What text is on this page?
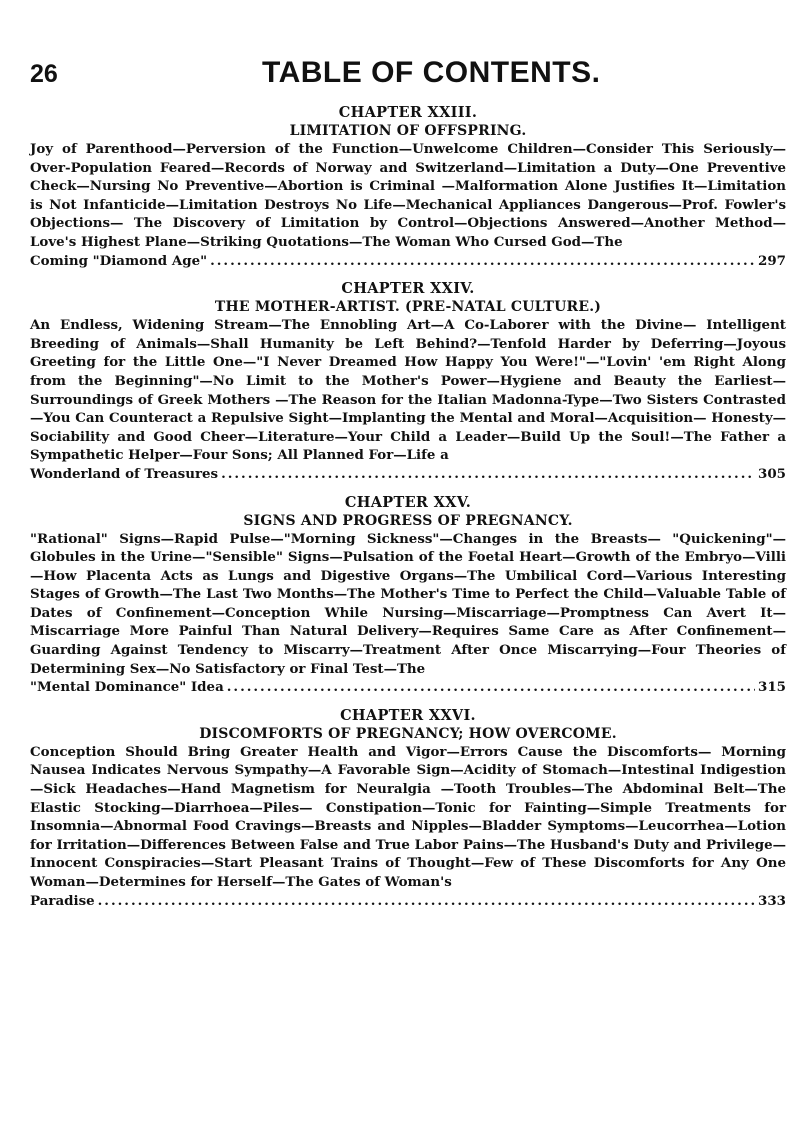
26	TABLE OF CONTENTS.
CHAPTER XXIII.
LIMITATION OF OFFSPRING.

Joy of Parenthood—Perversion of the Function—Unwelcome Children—Consider This Seriously—Over-Population Feared—Records of Norway and Switzerland—Limitation a Duty—One Preventive Check—Nursing No Preventive—Abortion is Criminal —Malformation Alone Justifies It—Limitation is Not Infanticide—Limitation Destroys No Life—Mechanical Appliances Dangerous—Prof. Fowler's Objections— The Discovery of Limitation by Control—Objections Answered—Another Method— Love's Highest Plane—Striking Quotations—The Woman Who Cursed God—The

Coming "Diamond Age" .....	297
CHAPTER XXIV.
THE MOTHER-ARTIST. (PRE-NATAL CULTURE.)

An Endless, Widening Stream—The Ennobling Art—A Co-Laborer with the Divine— Intelligent Breeding of Animals—Shall Humanity be Left Behind?—Tenfold Harder by Deferring—Joyous Greeting for the Little One—"I Never Dreamed How Happy You Were!"—"Lovin' 'em Right Along from the Beginning"—No Limit to the Mother's Power—Hygiene and Beauty the Earliest—Surroundings of Greek Mothers —The Reason for the Italian Madonna-Type—Two Sisters Contrasted—You Can Counteract a Repulsive Sight—Implanting the Mental and Moral—Acquisition— Honesty—Sociability and Good Cheer—Literature—Your Child a Leader—Build Up the Soul!—The Father a Sympathetic Helper—Four Sons; All Planned For—Life a

Wonderland of Treasures .....	305
CHAPTER XXV.
SIGNS AND PROGRESS OF PREGNANCY.

"Rational" Signs—Rapid Pulse—"Morning Sickness"—Changes in the Breasts— "Quickening"—Globules in the Urine—"Sensible" Signs—Pulsation of the Foetal Heart—Growth of the Embryo—Villi—How Placenta Acts as Lungs and Digestive Organs—The Umbilical Cord—Various Interesting Stages of Growth—The Last Two Months—The Mother's Time to Perfect the Child—Valuable Table of Dates of Confinement—Conception While Nursing—Miscarriage—Promptness Can Avert It—Miscarriage More Painful Than Natural Delivery—Requires Same Care as After Confinement—Guarding Against Tendency to Miscarry—Treatment After Once Miscarrying—Four Theories of Determining Sex—No Satisfactory or Final Test—The

"Mental Dominance" Idea .....	315
CHAPTER XXVI.
DISCOMFORTS OF PREGNANCY; HOW OVERCOME.

Conception Should Bring Greater Health and Vigor—Errors Cause the Discomforts— Morning Nausea Indicates Nervous Sympathy—A Favorable Sign—Acidity of Stomach—Intestinal Indigestion—Sick Headaches—Hand Magnetism for Neuralgia —Tooth Troubles—The Abdominal Belt—The Elastic Stocking—Diarrhoea—Piles— Constipation—Tonic for Fainting—Simple Treatments for Insomnia—Abnormal Food Cravings—Breasts and Nipples—Bladder Symptoms—Leucorrhea—Lotion for Irritation—Differences Between False and True Labor Pains—The Husband's Duty and Privilege—Innocent Conspiracies—Start Pleasant Trains of Thought—Few of These Discomforts for Any One Woman—Determines for Herself—The Gates of Woman's

Paradise .....	333
